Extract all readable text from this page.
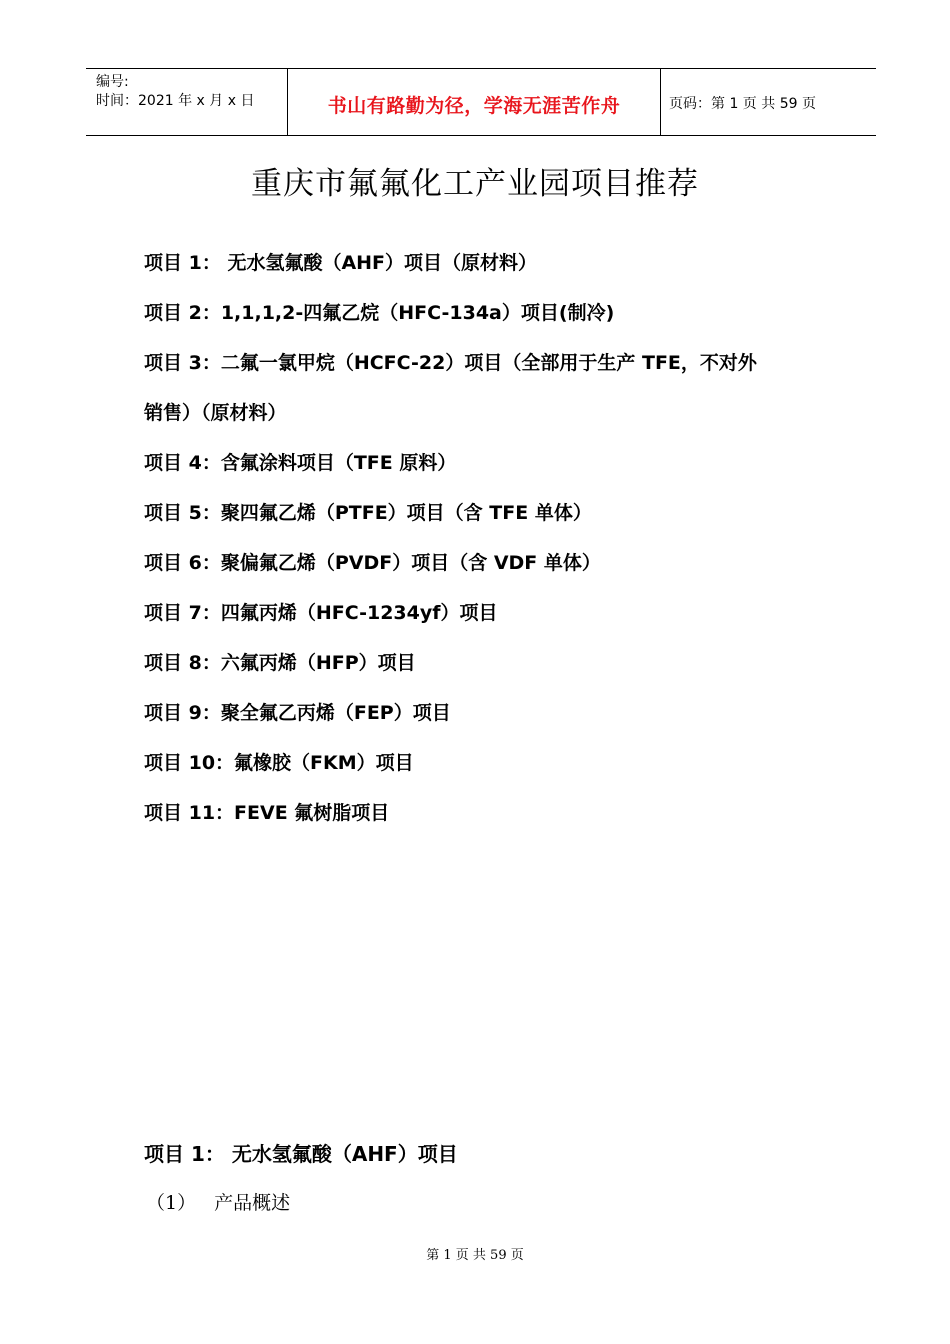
编号:
时间：2021 年 x 月 x 日	书山有路勤为径，学海无涯苦作舟	页码：第 1 页 共 59 页
重庆市氟氟化工产业园项目推荐
项目 1： 无水氢氟酸（AHF）项目（原材料）
项目 2：1,1,1,2-四氟乙烷（HFC-134a）项目(制冷)
项目 3：二氟一氯甲烷（HCFC-22）项目（全部用于生产 TFE，不对外
销售）（原材料）
项目 4：含氟涂料项目（TFE 原料）
项目 5：聚四氟乙烯（PTFE）项目（含 TFE 单体）
项目 6：聚偏氟乙烯（PVDF）项目（含 VDF 单体）
项目 7：四氟丙烯（HFC-1234yf）项目
项目 8：六氟丙烯（HFP）项目
项目 9：聚全氟乙丙烯（FEP）项目
项目 10：氟橡胶（FKM）项目
项目 11：FEVE 氟树脂项目
项目 1： 无水氢氟酸（AHF）项目
（1） 产品概述
第 1 页 共 59 页
